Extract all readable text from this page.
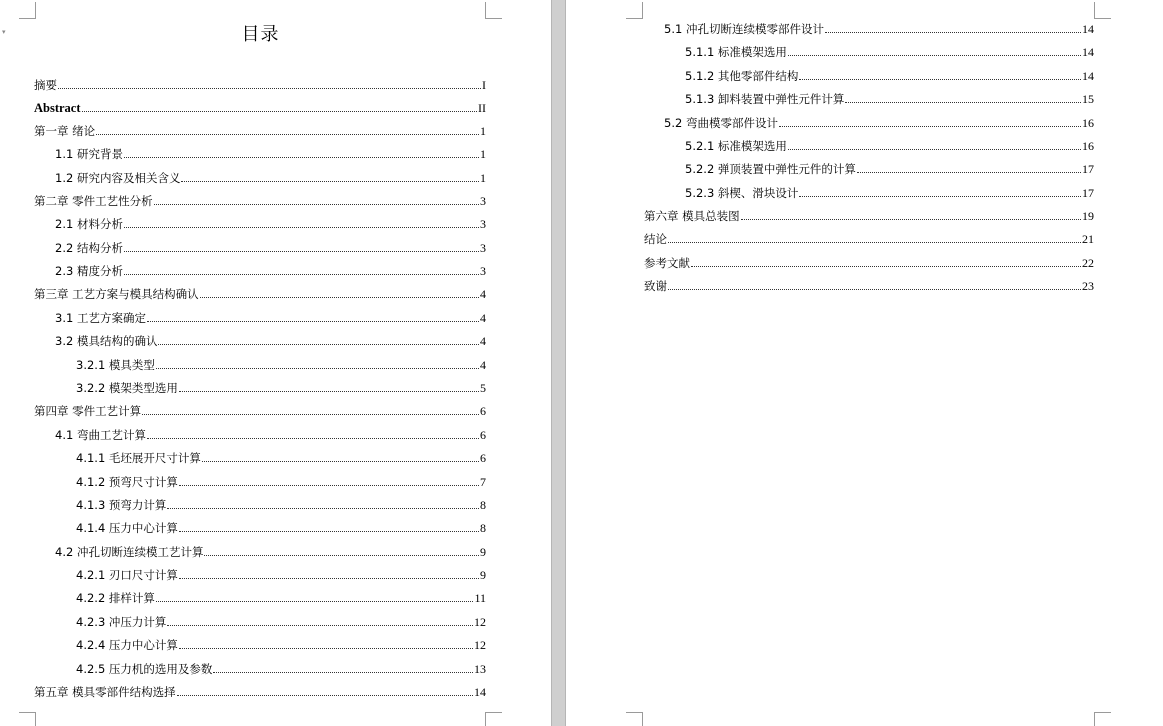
▾	目录
摘要	I
Abstract	II
第一章 绪论	1
1.1 研究背景	1
1.2 研究内容及相关含义	1
第二章 零件工艺性分析	3
2.1 材料分析	3
2.2 结构分析	3
2.3 精度分析	3
第三章 工艺方案与模具结构确认	4
3.1 工艺方案确定	4
3.2 模具结构的确认	4
3.2.1 模具类型	4
3.2.2 模架类型选用	5
第四章 零件工艺计算	6
4.1 弯曲工艺计算	6
4.1.1 毛坯展开尺寸计算	6
4.1.2 预弯尺寸计算	7
4.1.3 预弯力计算	8
4.1.4 压力中心计算	8
4.2 冲孔切断连续模工艺计算	9
4.2.1 刃口尺寸计算	9
4.2.2 排样计算	11
4.2.3 冲压力计算	12
4.2.4 压力中心计算	12
4.2.5 压力机的选用及参数	13
第五章 模具零部件结构选择	14
5.1 冲孔切断连续模零部件设计	14
5.1.1 标准模架选用	14
5.1.2 其他零部件结构	14
5.1.3 卸料装置中弹性元件计算	15
5.2 弯曲模零部件设计	16
5.2.1 标准模架选用	16
5.2.2 弹顶装置中弹性元件的计算	17
5.2.3 斜楔、滑块设计	17
第六章 模具总装图	19
结论	21
参考文献	22
致谢	23
